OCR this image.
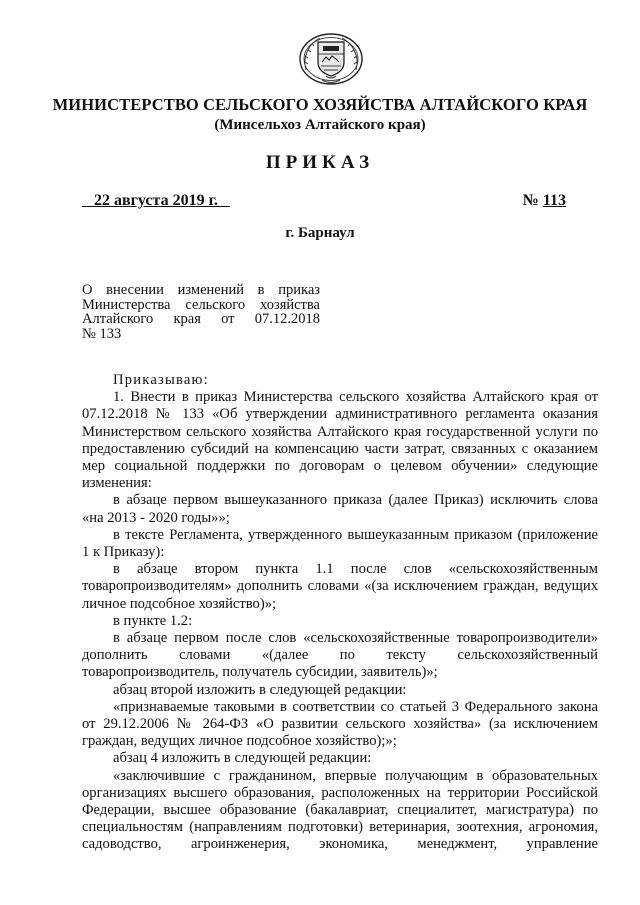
МИНИСТЕРСТВО СЕЛЬСКОГО ХОЗЯЙСТВА АЛТАЙСКОГО КРАЯ
(Минсельхоз Алтайского края)
ПРИКАЗ
22 августа 2019 г.	№ 113
г. Барнаул
О внесении изменений в приказ
Министерства сельского хозяйства
Алтайского края от 07.12.2018
№ 133

Приказываю:

1. Внести в приказ Министерства сельского хозяйства Алтайского края от 07.12.2018 № 133 «Об утверждении административного регламента оказания Министерством сельского хозяйства Алтайского края государственной услуги по предоставлению субсидий на компенсацию части затрат, связанных с оказанием мер социальной поддержки по договорам о целевом обучении» следующие изменения:

в абзаце первом вышеуказанного приказа (далее Приказ) исключить слова «на 2013 - 2020 годы»»;

в тексте Регламента, утвержденного вышеуказанным приказом (приложение 1 к Приказу):

в абзаце втором пункта 1.1 после слов «сельскохозяйственным товаропроизводителям» дополнить словами «(за исключением граждан, ведущих личное подсобное хозяйство)»;

в пункте 1.2:

в абзаце первом после слов «сельскохозяйственные товаропроизводители» дополнить словами «(далее по тексту сельскохозяйственный товаропроизводитель, получатель субсидии, заявитель)»;

абзац второй изложить в следующей редакции:

«признаваемые таковыми в соответствии со статьей 3 Федерального закона от 29.12.2006 № 264-ФЗ «О развитии сельского хозяйства» (за исключением граждан, ведущих личное подсобное хозяйство);»;

абзац 4 изложить в следующей редакции:

«заключившие с гражданином, впервые получающим в образовательных организациях высшего образования, расположенных на территории Российской Федерации, высшее образование (бакалавриат, специалитет, магистратура) по специальностям (направлениям подготовки) ветеринария, зоотехния, агрономия, садоводство, агроинженерия, экономика, менеджмент, управление
